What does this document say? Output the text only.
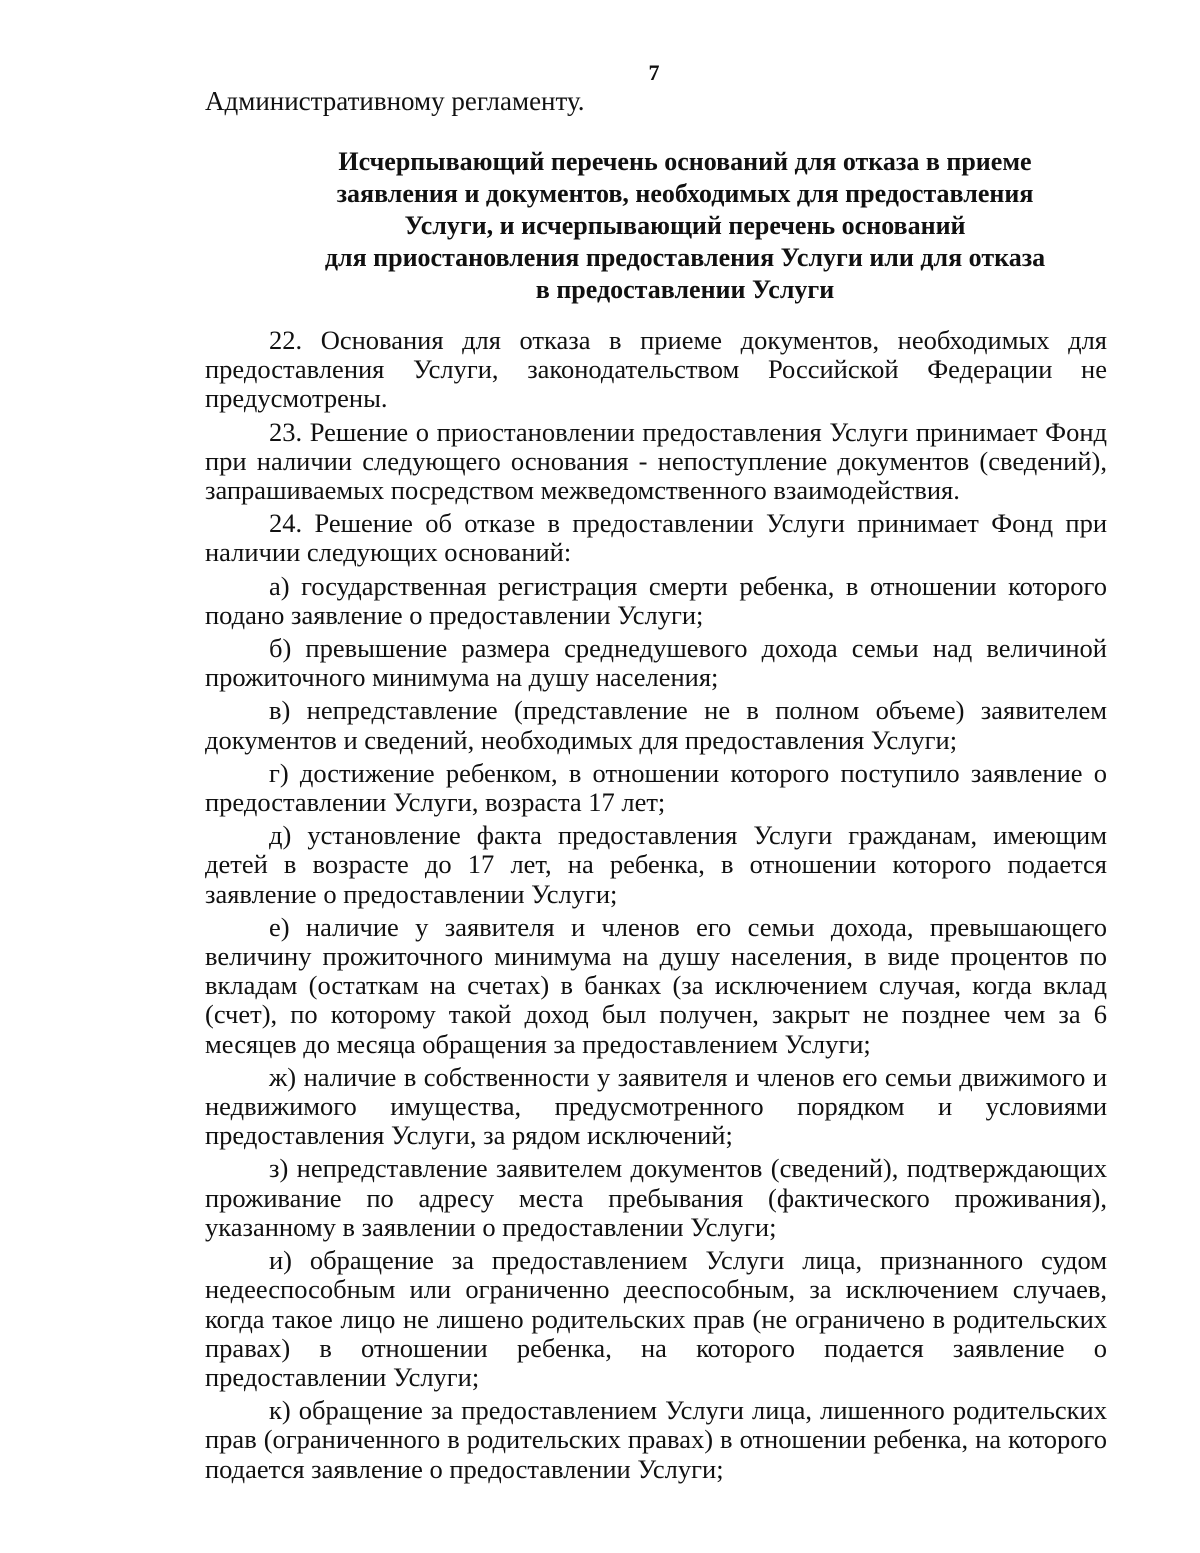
7
Административному регламенту.
Исчерпывающий перечень оснований для отказа в приеме
заявления и документов, необходимых для предоставления
Услуги, и исчерпывающий перечень оснований
для приостановления предоставления Услуги или для отказа
в предоставлении Услуги

22. Основания для отказа в приеме документов, необходимых для предоставления Услуги, законодательством Российской Федерации не предусмотрены.

23. Решение о приостановлении предоставления Услуги принимает Фонд при наличии следующего основания - непоступление документов (сведений), запрашиваемых посредством межведомственного взаимодействия.

24. Решение об отказе в предоставлении Услуги принимает Фонд при наличии следующих оснований:

а) государственная регистрация смерти ребенка, в отношении которого подано заявление о предоставлении Услуги;

б) превышение размера среднедушевого дохода семьи над величиной прожиточного минимума на душу населения;

в) непредставление (представление не в полном объеме) заявителем документов и сведений, необходимых для предоставления Услуги;

г) достижение ребенком, в отношении которого поступило заявление о предоставлении Услуги, возраста 17 лет;

д) установление факта предоставления Услуги гражданам, имеющим детей в возрасте до 17 лет, на ребенка, в отношении которого подается заявление о предоставлении Услуги;

е) наличие у заявителя и членов его семьи дохода, превышающего величину прожиточного минимума на душу населения, в виде процентов по вкладам (остаткам на счетах) в банках (за исключением случая, когда вклад (счет), по которому такой доход был получен, закрыт не позднее чем за 6 месяцев до месяца обращения за предоставлением Услуги;

ж) наличие в собственности у заявителя и членов его семьи движимого и недвижимого имущества, предусмотренного порядком и условиями предоставления Услуги, за рядом исключений;

з) непредставление заявителем документов (сведений), подтверждающих проживание по адресу места пребывания (фактического проживания), указанному в заявлении о предоставлении Услуги;

и) обращение за предоставлением Услуги лица, признанного судом недееспособным или ограниченно дееспособным, за исключением случаев, когда такое лицо не лишено родительских прав (не ограничено в родительских правах) в отношении ребенка, на которого подается заявление о предоставлении Услуги;

к) обращение за предоставлением Услуги лица, лишенного родительских прав (ограниченного в родительских правах) в отношении ребенка, на которого подается заявление о предоставлении Услуги;
